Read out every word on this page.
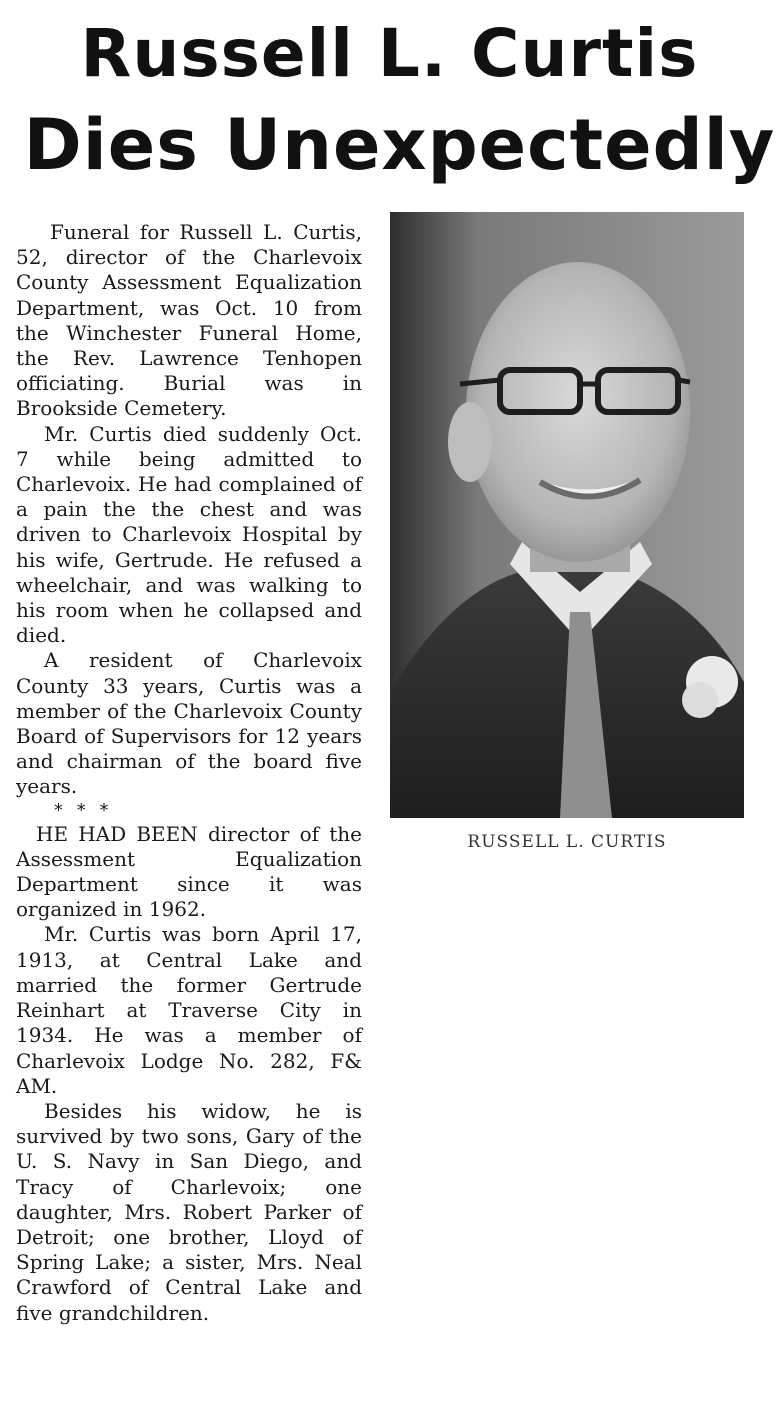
Russell L. Curtis
Dies Unexpectedly

Funeral for Russell L. Curtis, 52, director of the Charlevoix County Assessment Equalization Department, was Oct. 10 from the Winchester Funeral Home, the Rev. Lawrence Tenhopen officiating. Burial was in Brookside Cemetery.

Mr. Curtis died suddenly Oct. 7 while being admitted to Charlevoix. He had complained of a pain the the chest and was driven to Charlevoix Hospital by his wife, Gertrude. He refused a wheelchair, and was walking to his room when he collapsed and died.

A resident of Charlevoix County 33 years, Curtis was a member of the Charlevoix County Board of Supervisors for 12 years and chairman of the board five years.

* * *

HE HAD BEEN director of the Assessment Equalization Department since it was organized in 1962.

Mr. Curtis was born April 17, 1913, at Central Lake and married the former Gertrude Reinhart at Traverse City in 1934. He was a member of Charlevoix Lodge No. 282, F& AM.

Besides his widow, he is survived by two sons, Gary of the U. S. Navy in San Diego, and Tracy of Charlevoix; one daughter, Mrs. Robert Parker of Detroit; one brother, Lloyd of Spring Lake; a sister, Mrs. Neal Crawford of Central Lake and five grandchildren.

RUSSELL L. CURTIS
